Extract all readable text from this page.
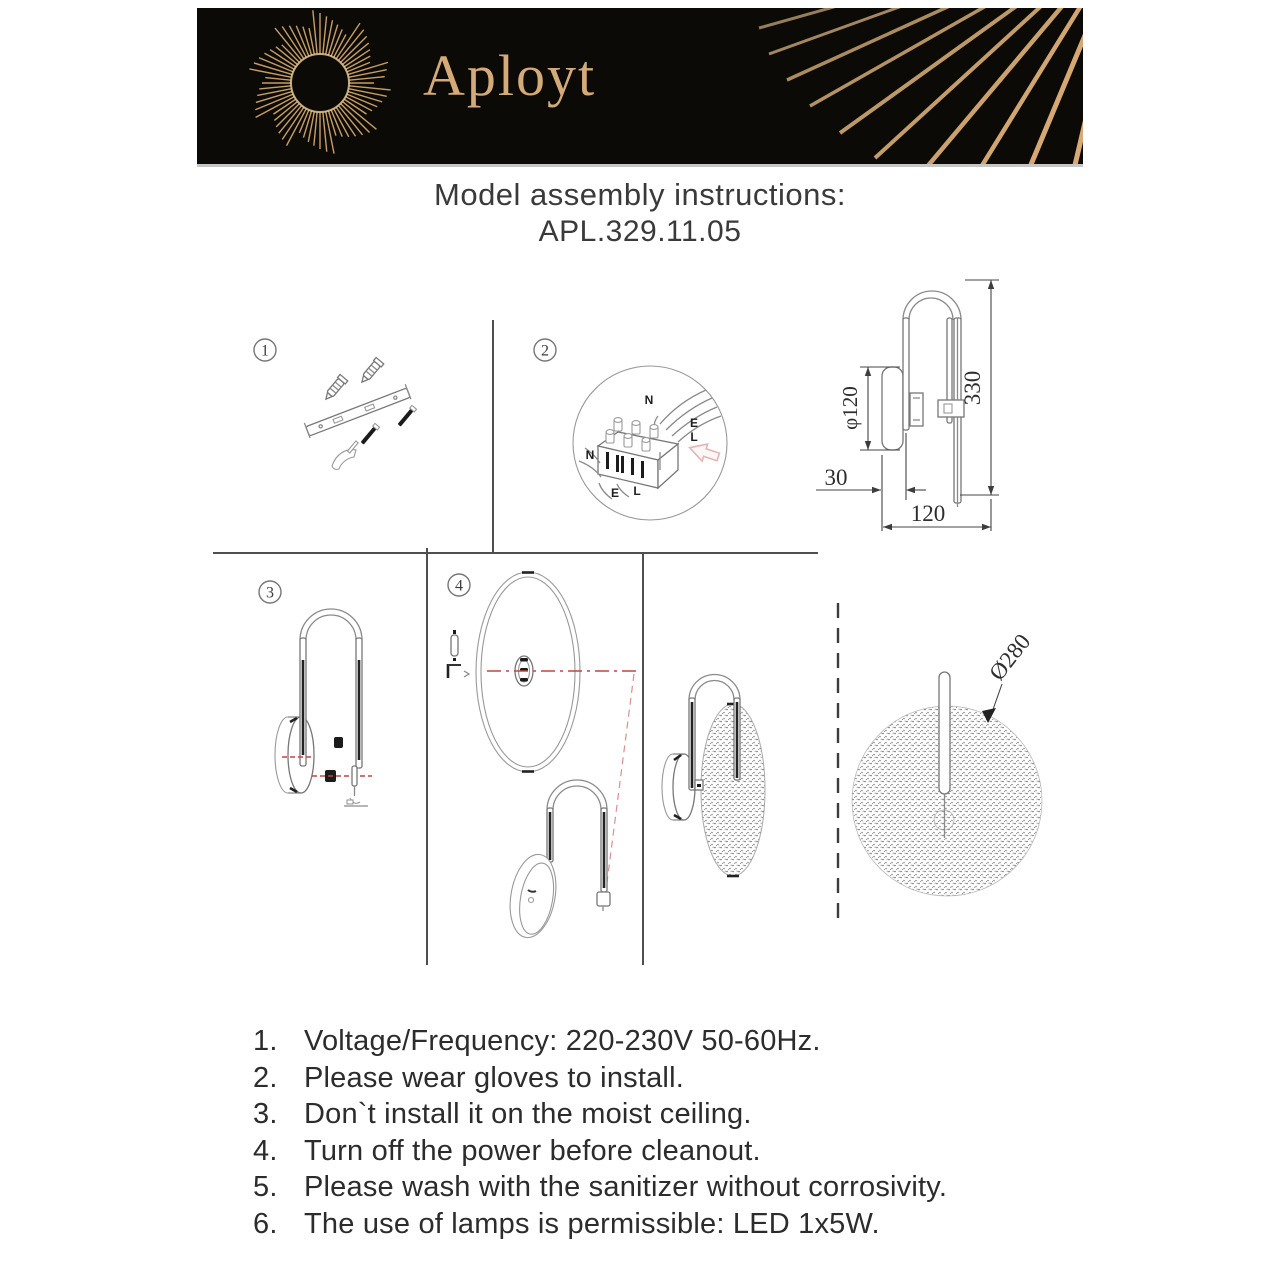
Aployt
Model assembly instructions:
APL.329.11.05
1	2
N
E
L
N
E L
φ120	330
30
120
3	4
Ø280
1. Voltage/Frequency: 220-230V 50-60Hz.
2. Please wear gloves to install.
3. Don`t install it on the moist ceiling.
4. Turn off the power before cleanout.
5. Please wash with the sanitizer without corrosivity.
6. The use of lamps is permissible: LED 1x5W.
